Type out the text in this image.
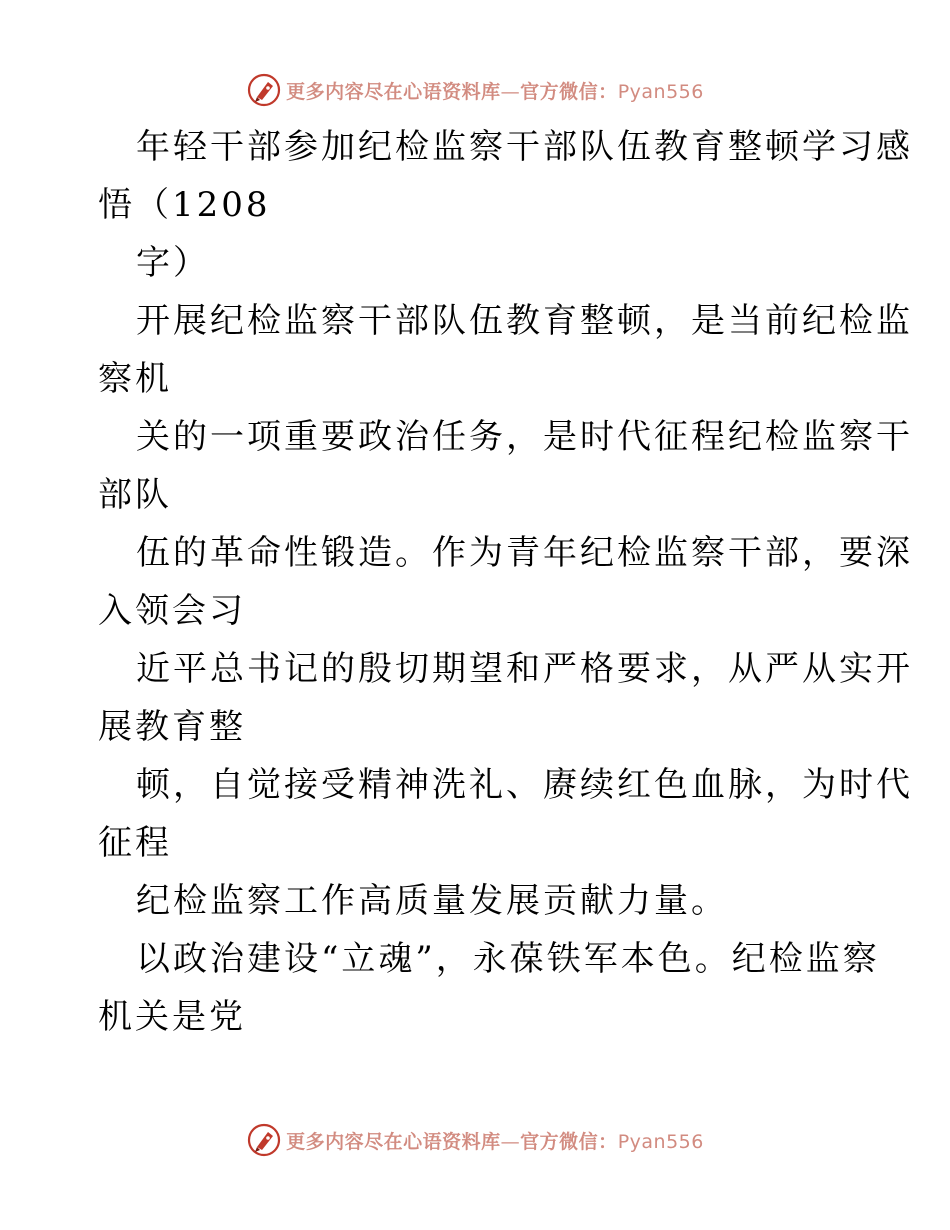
更多内容尽在心语资料库—官方微信：Pyan556
年轻干部参加纪检监察干部队伍教育整顿学习感
悟（1208
字）
开展纪检监察干部队伍教育整顿，是当前纪检监
察机
关的一项重要政治任务，是时代征程纪检监察干
部队
伍的革命性锻造。作为青年纪检监察干部，要深
入领会习
近平总书记的殷切期望和严格要求，从严从实开
展教育整
顿，自觉接受精神洗礼、赓续红色血脉，为时代
征程
纪检监察工作高质量发展贡献力量。
以政治建设“立魂”，永葆铁军本色。纪检监察
机关是党
更多内容尽在心语资料库—官方微信：Pyan556
